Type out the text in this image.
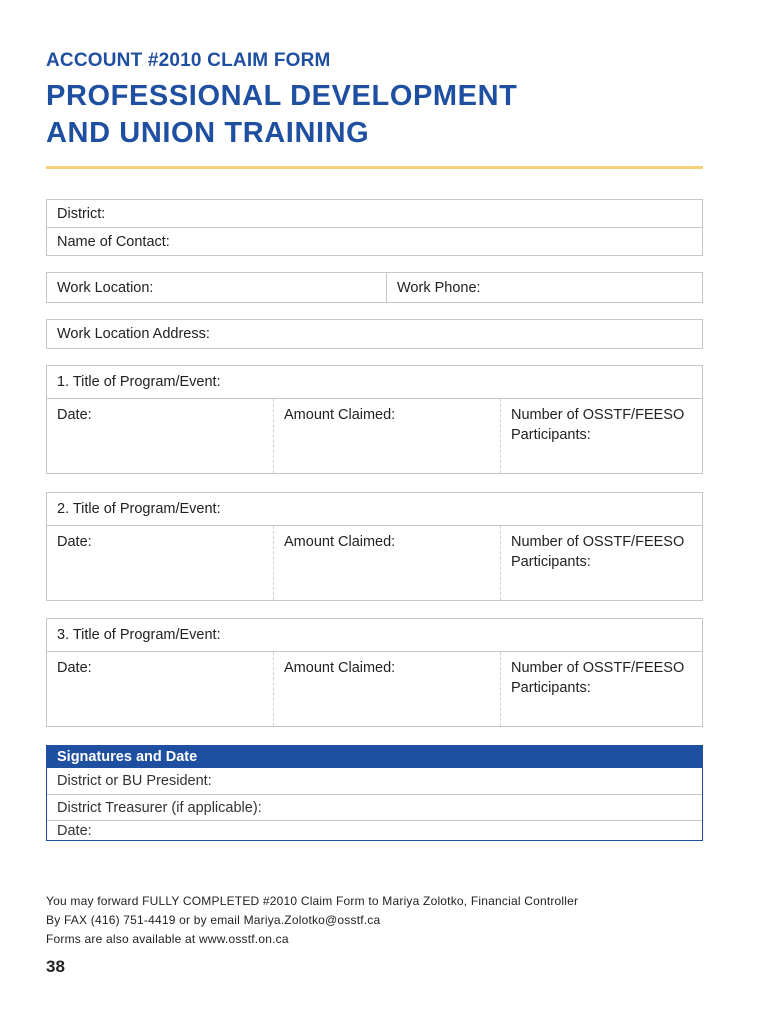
ACCOUNT #2010 CLAIM FORM
PROFESSIONAL DEVELOPMENT
AND UNION TRAINING
District:
Name of Contact:
Work Location:	Work Phone:
Work Location Address:
1. Title of Program/Event:
Date:	Amount Claimed:	Number of OSSTF/FEESO
Participants:
2. Title of Program/Event:
Date:	Amount Claimed:	Number of OSSTF/FEESO
Participants:
3. Title of Program/Event:
Date:	Amount Claimed:	Number of OSSTF/FEESO
Participants:
Signatures and Date
District or BU President:
District Treasurer (if applicable):
Date:
You may forward FULLY COMPLETED #2010 Claim Form to Mariya Zolotko, Financial Controller
By FAX (416) 751-4419 or by email Mariya.Zolotko@osstf.ca
Forms are also available at www.osstf.on.ca
38
